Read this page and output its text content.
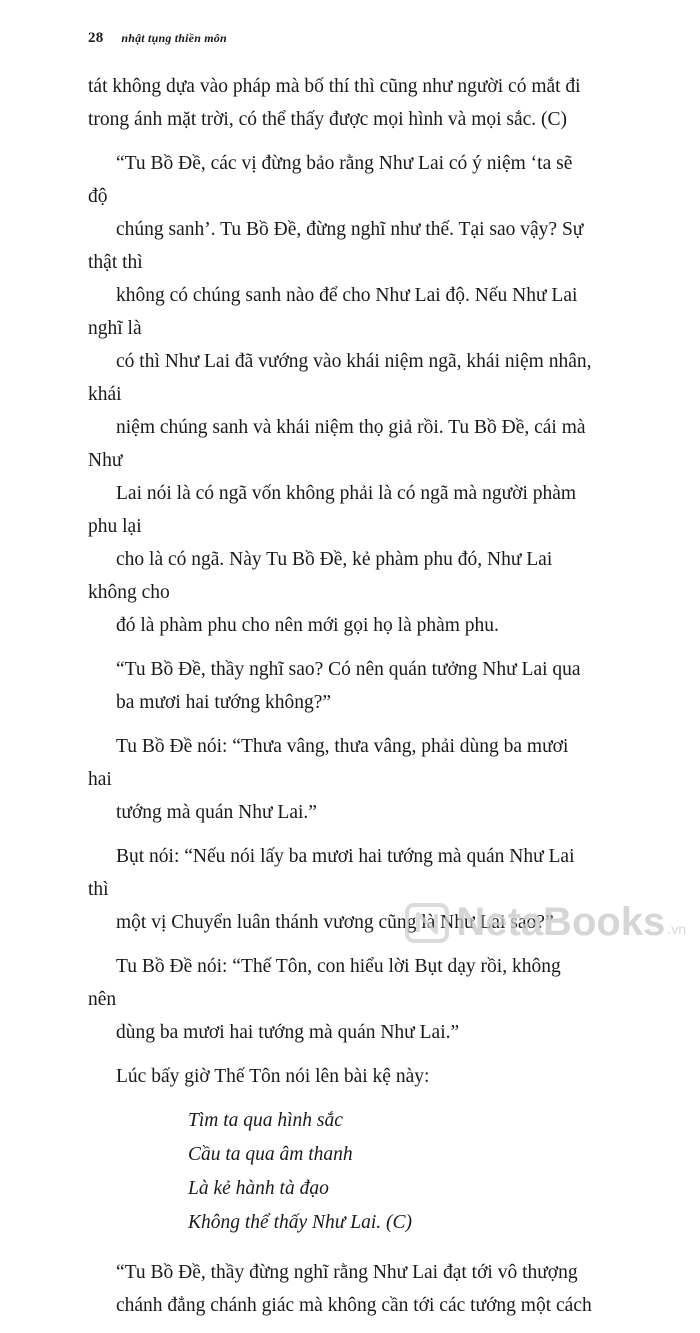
28 nhật tụng thiền môn

tát không dựa vào pháp mà bố thí thì cũng như người có mắt đi
trong ánh mặt trời, có thể thấy được mọi hình và mọi sắc. (C)

“Tu Bồ Đề, các vị đừng bảo rằng Như Lai có ý niệm ‘ta sẽ độ
chúng sanh’. Tu Bồ Đề, đừng nghĩ như thế. Tại sao vậy? Sự thật thì
không có chúng sanh nào để cho Như Lai độ. Nếu Như Lai nghĩ là
có thì Như Lai đã vướng vào khái niệm ngã, khái niệm nhân, khái
niệm chúng sanh và khái niệm thọ giả rồi. Tu Bồ Đề, cái mà Như
Lai nói là có ngã vốn không phải là có ngã mà người phàm phu lại
cho là có ngã. Này Tu Bồ Đề, kẻ phàm phu đó, Như Lai không cho
đó là phàm phu cho nên mới gọi họ là phàm phu.

“Tu Bồ Đề, thầy nghĩ sao? Có nên quán tưởng Như Lai qua
ba mươi hai tướng không?”

Tu Bồ Đề nói: “Thưa vâng, thưa vâng, phải dùng ba mươi hai
tướng mà quán Như Lai.”

Bụt nói: “Nếu nói lấy ba mươi hai tướng mà quán Như Lai thì
một vị Chuyển luân thánh vương cũng là Như Lai sao?”

Tu Bồ Đề nói: “Thế Tôn, con hiểu lời Bụt dạy rồi, không nên
dùng ba mươi hai tướng mà quán Như Lai.”

Lúc bấy giờ Thế Tôn nói lên bài kệ này:

Tìm ta qua hình sắc
Cầu ta qua âm thanh
Là kẻ hành tà đạo
Không thể thấy Như Lai. (C)

“Tu Bồ Đề, thầy đừng nghĩ rằng Như Lai đạt tới vô thượng
chánh đẳng chánh giác mà không cần tới các tướng một cách

NetaBooks .vn
